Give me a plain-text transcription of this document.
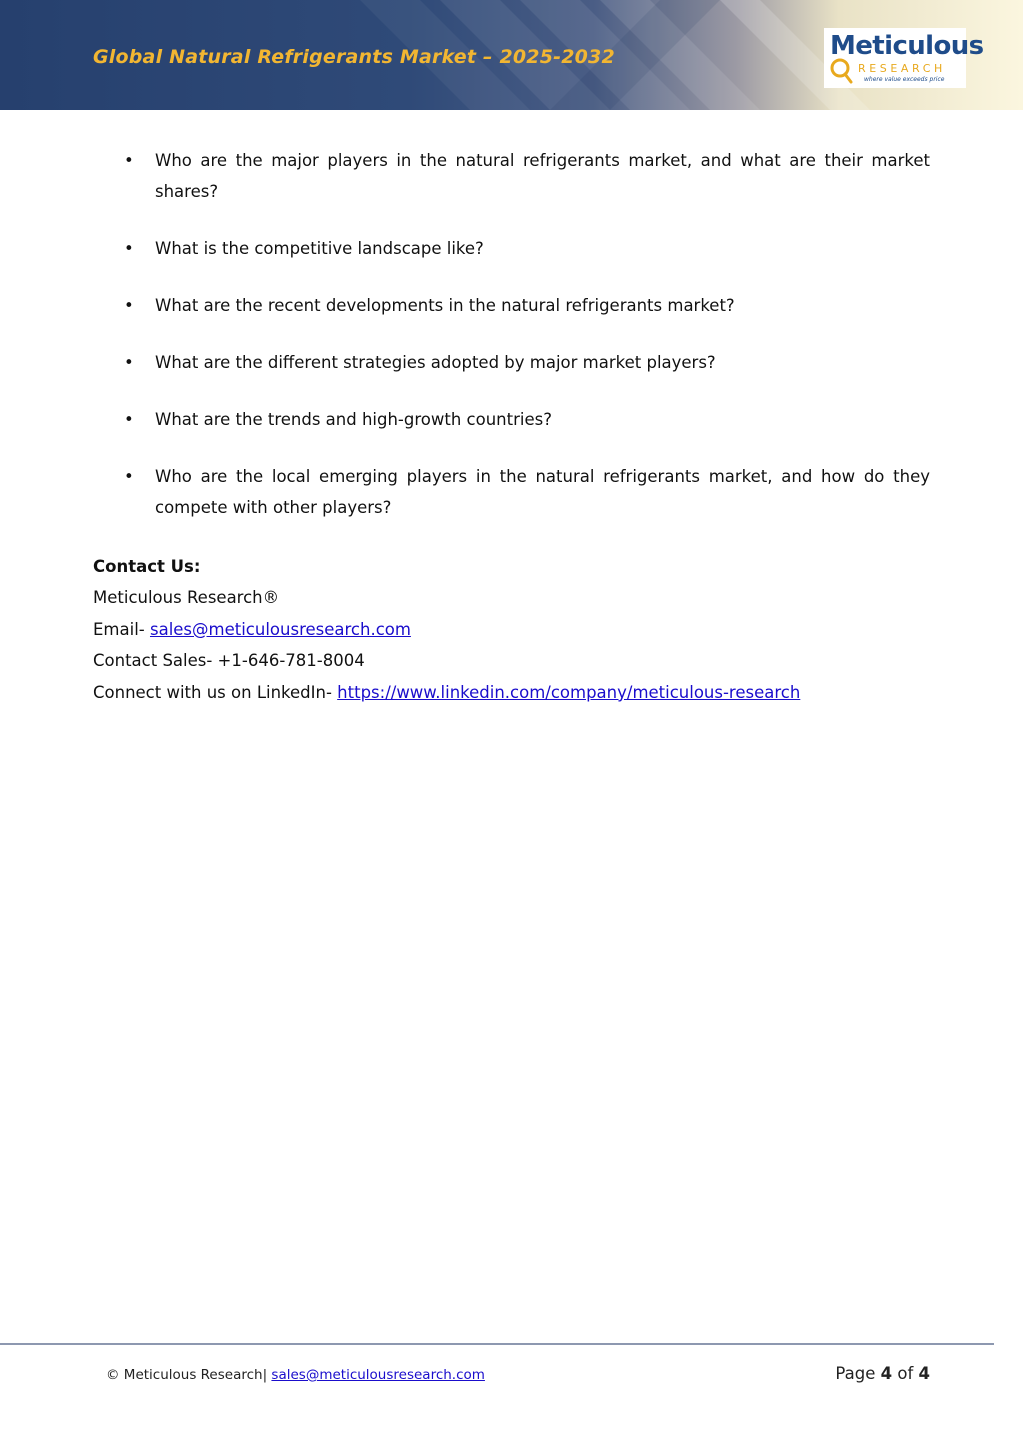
Global Natural Refrigerants Market – 2025-2032	Meticulous
RESEARCH
where value exceeds price
• Who are the major players in the natural refrigerants market, and what are their market shares?
• What is the competitive landscape like?
• What are the recent developments in the natural refrigerants market?
• What are the different strategies adopted by major market players?
• What are the trends and high-growth countries?
• Who are the local emerging players in the natural refrigerants market, and how do they compete with other players?
Contact Us:
Meticulous Research®
Email- sales@meticulousresearch.com
Contact Sales- +1-646-781-8004
Connect with us on LinkedIn- https://www.linkedin.com/company/meticulous-research
© Meticulous Research| sales@meticulousresearch.com	Page 4 of 4
